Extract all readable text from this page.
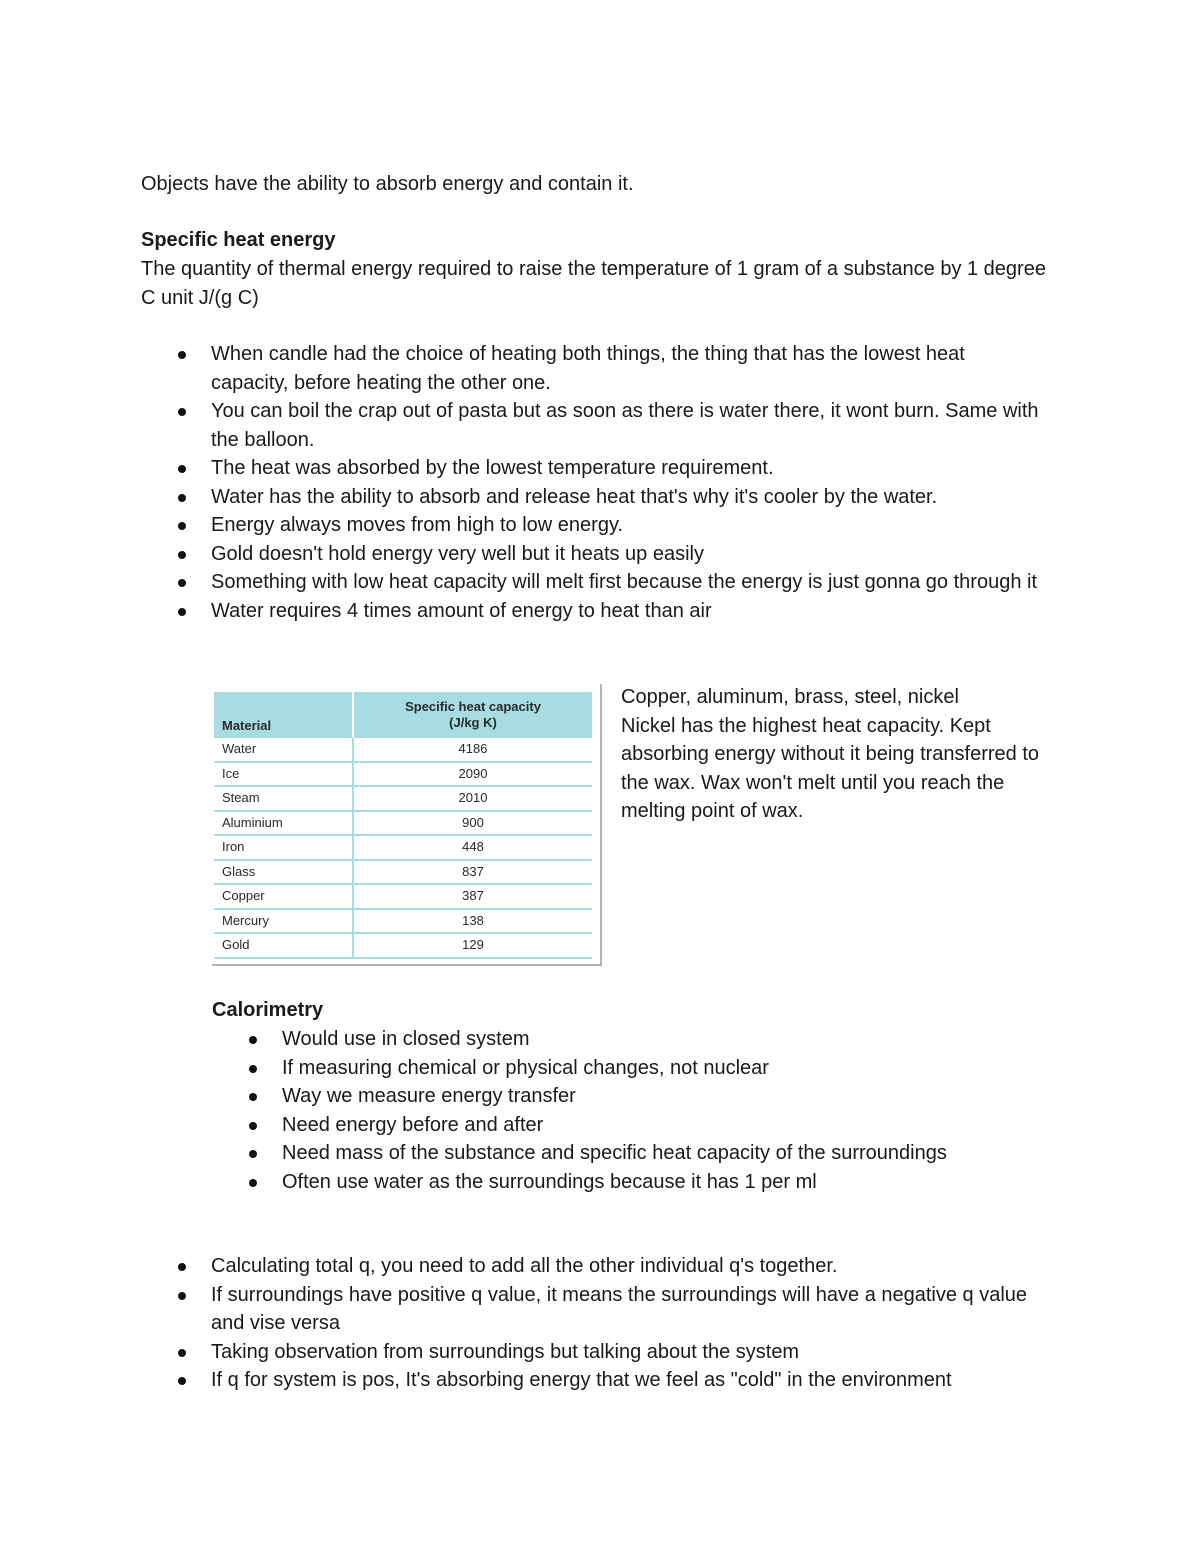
Objects have the ability to absorb energy and contain it.

Specific heat energy

The quantity of thermal energy required to raise the temperature of 1 gram of a substance by 1 degree C unit J/(g C)

When candle had the choice of heating both things, the thing that has the lowest heat capacity, before heating the other one.
You can boil the crap out of pasta but as soon as there is water there, it wont burn. Same with the balloon.
The heat was absorbed by the lowest temperature requirement.
Water has the ability to absorb and release heat that's why it's cooler by the water.
Energy always moves from high to low energy.
Gold doesn't hold energy very well but it heats up easily
Something with low heat capacity will melt first because the energy is just gonna go through it
Water requires 4 times amount of energy to heat than air
Material	Specific heat capacity
(J/kg K)
Water	4186
Ice	2090
Steam	2010
Aluminium	900
Iron	448
Glass	837
Copper	387
Mercury	138
Gold	129
Copper, aluminum, brass, steel, nickel
Nickel has the highest heat capacity. Kept absorbing energy without it being transferred to the wax. Wax won't melt until you reach the melting point of wax.

Calorimetry

Would use in closed system
If measuring chemical or physical changes, not nuclear
Way we measure energy transfer
Need energy before and after
Need mass of the substance and specific heat capacity of the surroundings
Often use water as the surroundings because it has 1 per ml
Calculating total q, you need to add all the other individual q's together.
If surroundings have positive q value, it means the surroundings will have a negative q value and vise versa
Taking observation from surroundings but talking about the system
If q for system is pos, It's absorbing energy that we feel as "cold" in the environment
